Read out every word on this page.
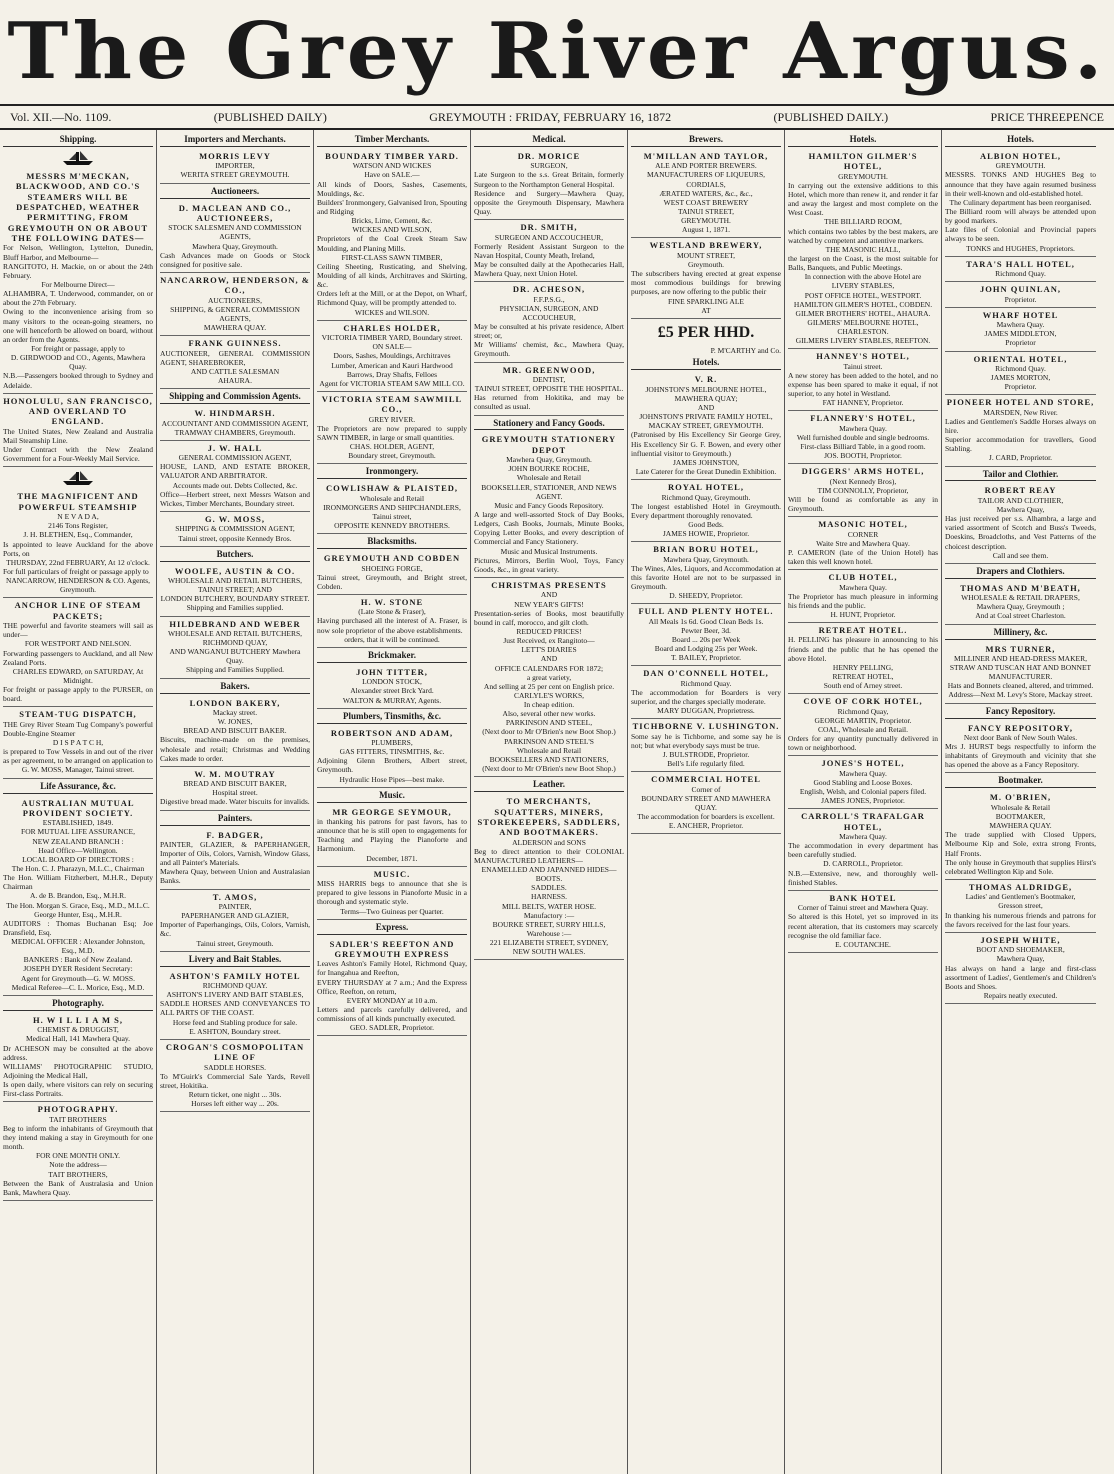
The Grey River Argus.
Vol. XII.—No. 1109.	(PUBLISHED DAILY)	GREYMOUTH : FRIDAY, FEBRUARY 16, 1872	(PUBLISHED DAILY.)	PRICE THREEPENCE
Shipping.
MESSRS M'MECKAN, BLACKWOOD, AND CO.'S STEAMERS WILL BE DESPATCHED, WEATHER PERMITTING, FROM GREYMOUTH ON OR ABOUT THE FOLLOWING DATES—

For Nelson, Wellington, Lyttelton, Dunedin, Bluff Harbor, and Melbourne—

RANGITOTO, H. Mackie, on or about the 24th February.

For Melbourne Direct—

ALHAMBRA, T. Underwood, commander, on or about the 27th February.

Owing to the inconvenience arising from so many visitors to the ocean-going steamers, no one will henceforth be allowed on board, without an order from the Agents.

For freight or passage, apply to

D. GIRDWOOD and CO., Agents, Mawhera Quay.

N.B.—Passengers booked through to Sydney and Adelaide.

HONOLULU, SAN FRANCISCO, AND OVERLAND TO ENGLAND.

The United States, New Zealand and Australia Mail Steamship Line.

Under Contract with the New Zealand Government for a Four-Weekly Mail Service.

THE MAGNIFICENT AND POWERFUL STEAMSHIP

N E V A D A,

2146 Tons Register,

J. H. BLETHEN, Esq., Commander,

Is appointed to leave Auckland for the above Ports, on

THURSDAY, 22nd FEBRUARY, At 12 o'clock.

For full particulars of freight or passage apply to

NANCARROW, HENDERSON & CO. Agents, Greymouth.

ANCHOR LINE OF STEAM PACKETS;

THE powerful and favorite steamers will sail as under—

FOR WESTPORT AND NELSON.

Forwarding passengers to Auckland, and all New Zealand Ports.

CHARLES EDWARD, on SATURDAY, At Midnight.

For freight or passage apply to the PURSER, on board.

STEAM-TUG DISPATCH,

THE Grey River Steam Tug Company's powerful Double-Engine Steamer

D I S P A T C H,

is prepared to Tow Vessels in and out of the river as per agreement, to be arranged on application to

G. W. MOSS, Manager, Tainui street.

Life Assurance, &c.
AUSTRALIAN MUTUAL PROVIDENT SOCIETY.

ESTABLISHED, 1849.

FOR MUTUAL LIFE ASSURANCE,

NEW ZEALAND BRANCH :

Head Office—Wellington.

LOCAL BOARD OF DIRECTORS :

The Hon. C. J. Pharazyn, M.L.C., Chairman

The Hon. William Fitzherbert, M.H.R., Deputy Chairman

A. de B. Brandon, Esq., M.H.R.

The Hon. Morgan S. Grace, Esq., M.D., M.L.C.

George Hunter, Esq., M.H.R.

AUDITORS : Thomas Buchanan Esq; Joe Dransfield, Esq.

MEDICAL OFFICER : Alexander Johnston, Esq., M.D.

BANKERS : Bank of New Zealand.

JOSEPH DYER Resident Secretary:

Agent for Greymouth—G. W. MOSS.

Medical Referee—C. L. Morice, Esq., M.D.

Photography.
H. W I L L I A M S,

CHEMIST & DRUGGIST,

Medical Hall, 141 Mawhera Quay.

Dr ACHESON may be consulted at the above address.

WILLIAMS' PHOTOGRAPHIC STUDIO, Adjoining the Medical Hall,

Is open daily, where visitors can rely on securing First-class Portraits.

PHOTOGRAPHY.

TAIT BROTHERS

Beg to inform the inhabitants of Greymouth that they intend making a stay in Greymouth for one month.

FOR ONE MONTH ONLY.

Note the address—

TAIT BROTHERS,

Between the Bank of Australasia and Union Bank, Mawhera Quay.

Importers and Merchants.
MORRIS LEVY

IMPORTER,

WERITA STREET GREYMOUTH.

Auctioneers.
D. MACLEAN AND CO., AUCTIONEERS,

STOCK SALESMEN AND COMMISSION AGENTS,

Mawhera Quay, Greymouth.

Cash Advances made on Goods or Stock consigned for positive sale.

NANCARROW, HENDERSON, & CO.,

AUCTIONEERS,

SHIPPING, & GENERAL COMMISSION AGENTS,

MAWHERA QUAY.

FRANK GUINNESS.

AUCTIONEER, GENERAL COMMISSION AGENT, SHAREBROKER,

AND CATTLE SALESMAN

AHAURA.

Shipping and Commission Agents.
W. HINDMARSH.

ACCOUNTANT AND COMMISSION AGENT,

TRAMWAY CHAMBERS, Greymouth.

J. W. HALL

GENERAL COMMISSION AGENT,

HOUSE, LAND, AND ESTATE BROKER, VALUATOR AND ARBITRATOR.

Accounts made out. Debts Collected, &c.

Office—Herbert street, next Messrs Watson and Wickes, Timber Merchants, Boundary street.

G. W. MOSS,

SHIPPING & COMMISSION AGENT,

Tainui street, opposite Kennedy Bros.

Butchers.
WOOLFE, AUSTIN & CO.

WHOLESALE AND RETAIL BUTCHERS,

TAINUI STREET; AND

LONDON BUTCHERY, BOUNDARY STREET.

Shipping and Families supplied.

HILDEBRAND AND WEBER

WHOLESALE AND RETAIL BUTCHERS,

RICHMOND QUAY,

AND WANGANUI BUTCHERY Mawhera Quay.

Shipping and Families Supplied.

Bakers.
LONDON BAKERY,

Mackay street.

W. JONES,

BREAD AND BISCUIT BAKER.

Biscuits, machine-made on the premises, wholesale and retail; Christmas and Wedding Cakes made to order.

W. M. MOUTRAY

BREAD AND BISCUIT BAKER,

Hospital street.

Digestive bread made. Water biscuits for invalids.

Painters.
F. BADGER,

PAINTER, GLAZIER, & PAPERHANGER, Importer of Oils, Colors, Varnish, Window Glass, and all Painter's Materials.

Mawhera Quay, between Union and Australasian Banks.

T. AMOS,

PAINTER,

PAPERHANGER AND GLAZIER,

Importer of Paperhangings, Oils, Colors, Varnish, &c.

Tainui street, Greymouth.

Livery and Bait Stables.
ASHTON'S FAMILY HOTEL

RICHMOND QUAY.

ASHTON'S LIVERY AND BAIT STABLES,

SADDLE HORSES AND CONVEYANCES TO ALL PARTS OF THE COAST.

Horse feed and Stabling produce for sale.

E. ASHTON, Boundary street.

CROGAN'S COSMOPOLITAN LINE OF

SADDLE HORSES.

To M'Guirk's Commercial Sale Yards, Revell street, Hokitika.

Return ticket, one night ... 30s.

Horses left either way ... 20s.

Timber Merchants.
BOUNDARY TIMBER YARD.

WATSON AND WICKES

Have on SALE.—

All kinds of Doors, Sashes, Casements, Mouldings, &c.

Builders' Ironmongery, Galvanised Iron, Spouting and Ridging

Bricks, Lime, Cement, &c.

WICKES AND WILSON,

Proprietors of the Coal Creek Steam Saw Moulding, and Planing Mills.

FIRST-CLASS SAWN TIMBER,

Ceiling Sheeting, Rusticating, and Shelving, Moulding of all kinds, Architraves and Skirting, &c.

Orders left at the Mill, or at the Depot, on Wharf, Richmond Quay, will be promptly attended to.

WICKES and WILSON.

CHARLES HOLDER,

VICTORIA TIMBER YARD, Boundary street.

ON SALE—

Doors, Sashes, Mouldings, Architraves

Lumber, American and Kauri Hardwood

Barrows, Dray Shafts, Felloes

Agent for VICTORIA STEAM SAW MILL CO.

VICTORIA STEAM SAWMILL CO.,

GREY RIVER.

The Proprietors are now prepared to supply SAWN TIMBER, in large or small quantities.

CHAS. HOLDER, AGENT,

Boundary street, Greymouth.

Ironmongery.
COWLISHAW & PLAISTED,

Wholesale and Retail

IRONMONGERS AND SHIPCHANDLERS,

Tainui street,

OPPOSITE KENNEDY BROTHERS.

Blacksmiths.
GREYMOUTH AND COBDEN

SHOEING FORGE,

Tainui street, Greymouth, and Bright street, Cobden.

H. W. STONE

(Late Stone & Fraser),

Having purchased all the interest of A. Fraser, is now sole proprietor of the above establishments.

orders, that it will be continued.

Brickmaker.
JOHN TITTER,

LONDON STOCK,

Alexander street Brck Yard.

WALTON & MURRAY, Agents.

Plumbers, Tinsmiths, &c.
ROBERTSON AND ADAM,

PLUMBERS,

GAS FITTERS, TINSMITHS, &c.

Adjoining Glenn Brothers, Albert street, Greymouth.

Hydraulic Hose Pipes—best make.

Music.
MR GEORGE SEYMOUR,

in thanking his patrons for past favors, has to announce that he is still open to engagements for Teaching and Playing the Pianoforte and Harmonium.

December, 1871.

MUSIC.

MISS HARRIS begs to announce that she is prepared to give lessons in Pianoforte Music in a thorough and systematic style.

Terms—Two Guineas per Quarter.

Express.
SADLER'S REEFTON AND GREYMOUTH EXPRESS

Leaves Ashton's Family Hotel, Richmond Quay, for Inangahua and Reefton,

EVERY THURSDAY at 7 a.m.; And the Express Office, Reefton, on return,

EVERY MONDAY at 10 a.m.

Letters and parcels carefully delivered, and commissions of all kinds punctually executed.

GEO. SADLER, Proprietor.

Medical.
DR. MORICE

SURGEON,

Late Surgeon to the s.s. Great Britain, formerly Surgeon to the Northampton General Hospital.

Residence and Surgery—Mawhera Quay, opposite the Greymouth Dispensary, Mawhera Quay.

DR. SMITH,

SURGEON AND ACCOUCHEUR,

Formerly Resident Assistant Surgeon to the Navan Hospital, County Meath, Ireland,

May be consulted daily at the Apothecaries Hall, Mawhera Quay, next Union Hotel.

DR. ACHESON,

F.F.P.S.G.,

PHYSICIAN, SURGEON, AND ACCOUCHEUR,

May be consulted at his private residence, Albert street; or,

Mr Williams' chemist, &c., Mawhera Quay, Greymouth.

MR. GREENWOOD,

DENTIST,

TAINUI STREET, OPPOSITE THE HOSPITAL.

Has returned from Hokitika, and may be consulted as usual.

Stationery and Fancy Goods.
GREYMOUTH STATIONERY DEPOT

Mawhera Quay, Greymouth.

JOHN BOURKE ROCHE,

Wholesale and Retail

BOOKSELLER, STATIONER, AND NEWS AGENT.

Music and Fancy Goods Repository.

A large and well-assorted Stock of Day Books, Ledgers, Cash Books, Journals, Minute Books, Copying Letter Books, and every description of Commercial and Fancy Stationery.

Music and Musical Instruments.

Pictures, Mirrors, Berlin Wool, Toys, Fancy Goods, &c., in great variety.

CHRISTMAS PRESENTS

AND

NEW YEAR'S GIFTS!

Presentation-series of Books, most beautifully bound in calf, morocco, and gilt cloth.

REDUCED PRICES!

Just Received, ex Rangitoto—

LETT'S DIARIES

AND

OFFICE CALENDARS FOR 1872;

a great variety,

And selling at 25 per cent on English price.

CARLYLE'S WORKS,

In cheap edition.

Also, several other new works.

PARKINSON AND STEEL,

(Next door to Mr O'Brien's new Boot Shop.)

PARKINSON AND STEEL'S

Wholesale and Retail

BOOKSELLERS AND STATIONERS,

(Next door to Mr O'Brien's new Boot Shop.)

Leather.
TO MERCHANTS, SQUATTERS, MINERS, STOREKEEPERS, SADDLERS, AND BOOTMAKERS.

ALDERSON and SONS

Beg to direct attention to their COLONIAL MANUFACTURED LEATHERS—

ENAMELLED AND JAPANNED HIDES—

BOOTS.

SADDLES.

HARNESS.

MILL BELTS, WATER HOSE.

Manufactory :—

BOURKE STREET, SURRY HILLS,

Warehouse :—

221 ELIZABETH STREET, SYDNEY,

NEW SOUTH WALES.

Brewers.
M'MILLAN AND TAYLOR,

ALE AND PORTER BREWERS.

MANUFACTURERS OF LIQUEURS, CORDIALS,

ÆRATED WATERS, &c., &c.,

WEST COAST BREWERY

TAINUI STREET,

GREYMOUTH.

August 1, 1871.

WESTLAND BREWERY,

MOUNT STREET,

Greymouth.

The subscribers having erected at great expense most commodious buildings for brewing purposes, are now offering to the public their

FINE SPARKLING ALE

AT

£5 PER HHD.

P. M'CARTHY and Co.

Hotels.
V. R.

JOHNSTON'S MELBOURNE HOTEL,

MAWHERA QUAY;

AND

JOHNSTON'S PRIVATE FAMILY HOTEL,

MACKAY STREET, GREYMOUTH.

(Patronised by His Excellency Sir George Grey, His Excellency Sir G. F. Bowen, and every other influential visitor to Greymouth.)

JAMES JOHNSTON,

Late Caterer for the Great Dunedin Exhibition.

ROYAL HOTEL,

Richmond Quay, Greymouth.

The longest established Hotel in Greymouth. Every department thoroughly renovated.

Good Beds.

JAMES HOWIE, Proprietor.

BRIAN BORU HOTEL,

Mawhera Quay, Greymouth.

The Wines, Ales, Liquors, and Accommodation at this favorite Hotel are not to be surpassed in Greymouth.

D. SHEEDY, Proprietor.

FULL AND PLENTY HOTEL.

All Meals 1s 6d. Good Clean Beds 1s.

Pewter Beer, 3d.

Board ... 20s per Week

Board and Lodging 25s per Week.

T. BAILEY, Proprietor.

DAN O'CONNELL HOTEL,

Richmond Quay.

The accommodation for Boarders is very superior, and the charges specially moderate.

MARY DUGGAN, Proprietress.

TICHBORNE V. LUSHINGTON.

Some say he is Tichborne, and some say he is not; but what everybody says must be true.

J. BULSTRODE, Proprietor.

Bell's Life regularly filed.

COMMERCIAL HOTEL

Corner of

BOUNDARY STREET AND MAWHERA QUAY.

The accommodation for boarders is excellent.

E. ANCHER, Proprietor.

Hotels.
HAMILTON GILMER'S HOTEL,

GREYMOUTH.

In carrying out the extensive additions to this Hotel, which more than renew it, and render it far and away the largest and most complete on the West Coast.

THE BILLIARD ROOM,

which contains two tables by the best makers, are watched by competent and attentive markers.

THE MASONIC HALL,

the largest on the Coast, is the most suitable for Balls, Banquets, and Public Meetings.

In connection with the above Hotel are

LIVERY STABLES,

POST OFFICE HOTEL, WESTPORT.

HAMILTON GILMER'S HOTEL, COBDEN.

GILMER BROTHERS' HOTEL, AHAURA.

GILMERS' MELBOURNE HOTEL, CHARLESTON.

GILMERS LIVERY STABLES, REEFTON.

HANNEY'S HOTEL,

Tainui street.

A new storey has been added to the hotel, and no expense has been spared to make it equal, if not superior, to any hotel in Westland.

FAT HANNEY, Proprietor.

FLANNERY'S HOTEL,

Mawhera Quay.

Well furnished double and single bedrooms.

First-class Billiard Table, in a good room.

JOS. BOOTH, Proprietor.

DIGGERS' ARMS HOTEL,

(Next Kennedy Bros),

TIM CONNOLLY, Proprietor,

Will be found as comfortable as any in Greymouth.

MASONIC HOTEL,

CORNER

Waite Stre and Mawhera Quay.

P. CAMERON (late of the Union Hotel) has taken this well known hotel.

CLUB HOTEL,

Mawhera Quay.

The Proprietor has much pleasure in informing his friends and the public.

H. HUNT, Proprietor.

RETREAT HOTEL.

H. PELLING has pleasure in announcing to his friends and the public that he has opened the above Hotel.

HENRY PELLING,

RETREAT HOTEL,

South end of Arney street.

COVE OF CORK HOTEL,

Richmond Quay,

GEORGE MARTIN, Proprietor.

COAL, Wholesale and Retail.

Orders for any quantity punctually delivered in town or neighborhood.

JONES'S HOTEL,

Mawhera Quay.

Good Stabling and Loose Boxes.

English, Welsh, and Colonial papers filed.

JAMES JONES, Proprietor.

CARROLL'S TRAFALGAR HOTEL,

Mawhera Quay.

The accommodation in every department has been carefully studied.

D. CARROLL, Proprietor.

N.B.—Extensive, new, and thoroughly well-finished Stables.

BANK HOTEL

Corner of Tainui street and Mawhera Quay.

So altered is this Hotel, yet so improved in its recent alteration, that its customers may scarcely recognise the old familiar face.

E. COUTANCHE.

Hotels.
ALBION HOTEL,

GREYMOUTH.

MESSRS. TONKS AND HUGHES Beg to announce that they have again resumed business in their well-known and old-established hotel.

The Culinary department has been reorganised.

The Billiard room will always be attended upon by good markers.

Late files of Colonial and Provincial papers always to be seen.

TONKS and HUGHES, Proprietors.

TARA'S HALL HOTEL,

Richmond Quay.

JOHN QUINLAN,

Proprietor.

WHARF HOTEL

Mawhera Quay.

JAMES MIDDLETON,

Proprietor

ORIENTAL HOTEL,

Richmond Quay.

JAMES MORTON,

Proprietor.

PIONEER HOTEL AND STORE,

MARSDEN, New River.

Ladies and Gentlemen's Saddle Horses always on hire.

Superior accommodation for travellers, Good Stabling.

J. CARD, Proprietor.

Tailor and Clothier.
ROBERT REAY

TAILOR AND CLOTHIER,

Mawhera Quay,

Has just received per s.s. Alhambra, a large and varied assortment of Scotch and Buss's Tweeds, Doeskins, Broadcloths, and Vest Patterns of the choicest description.

Call and see them.

Drapers and Clothiers.
THOMAS AND M'BEATH,

WHOLESALE & RETAIL DRAPERS,

Mawhera Quay, Greymouth ;

And at Coal street Charleston.

Millinery, &c.
MRS TURNER,

MILLINER AND HEAD-DRESS MAKER,

STRAW AND TUSCAN HAT AND BONNET MANUFACTURER.

Hats and Bonnets cleaned, altered, and trimmed.

Address—Next M. Levy's Store, Mackay street.

Fancy Repository.
FANCY REPOSITORY,

Next door Bank of New South Wales.

Mrs J. HURST begs respectfully to inform the inhabitants of Greymouth and vicinity that she has opened the above as a Fancy Repository.

Bootmaker.
M. O'BRIEN,

Wholesale & Retail

BOOTMAKER,

MAWHERA QUAY.

The trade supplied with Closed Uppers, Melbourne Kip and Sole, extra strong Fronts, Half Fronts.

The only house in Greymouth that supplies Hirst's celebrated Wellington Kip and Sole.

THOMAS ALDRIDGE,

Ladies' and Gentlemen's Bootmaker,

Gresson street,

In thanking his numerous friends and patrons for the favors received for the last four years.

JOSEPH WHITE,

BOOT AND SHOEMAKER,

Mawhera Quay,

Has always on hand a large and first-class assortment of Ladies', Gentlemen's and Children's Boots and Shoes.

Repairs neatly executed.
